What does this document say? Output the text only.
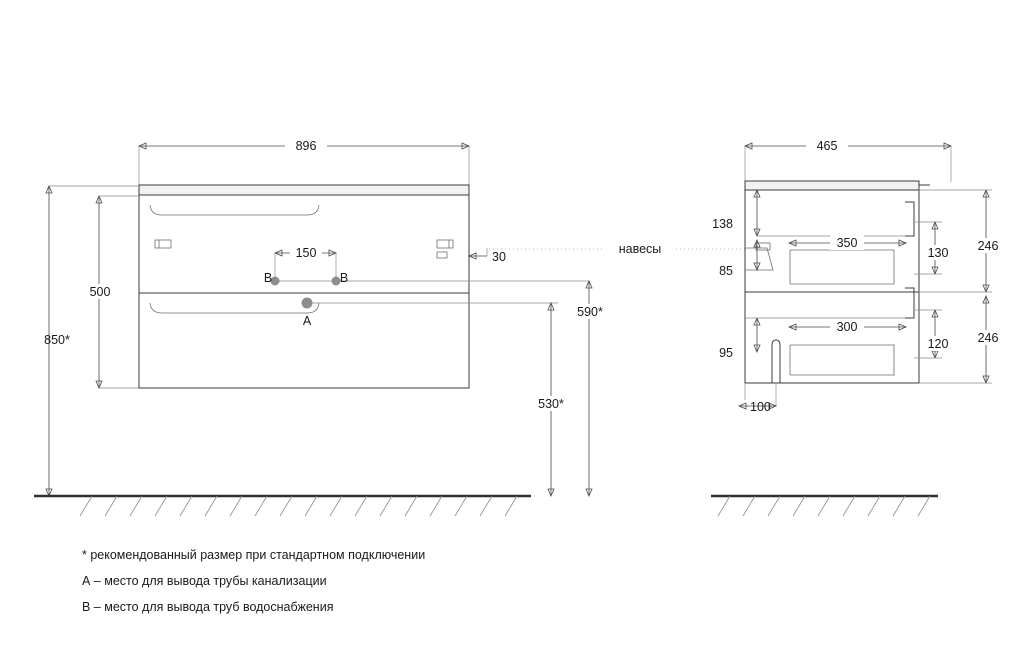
896
850*
500
150	30
B	B
A
530*
590*
навесы
465
138
85
350
300
95
100
130
120
246
246

* рекомендованный размер при стандартном подключении

А – место для вывода трубы канализации

В – место для вывода труб водоснабжения
